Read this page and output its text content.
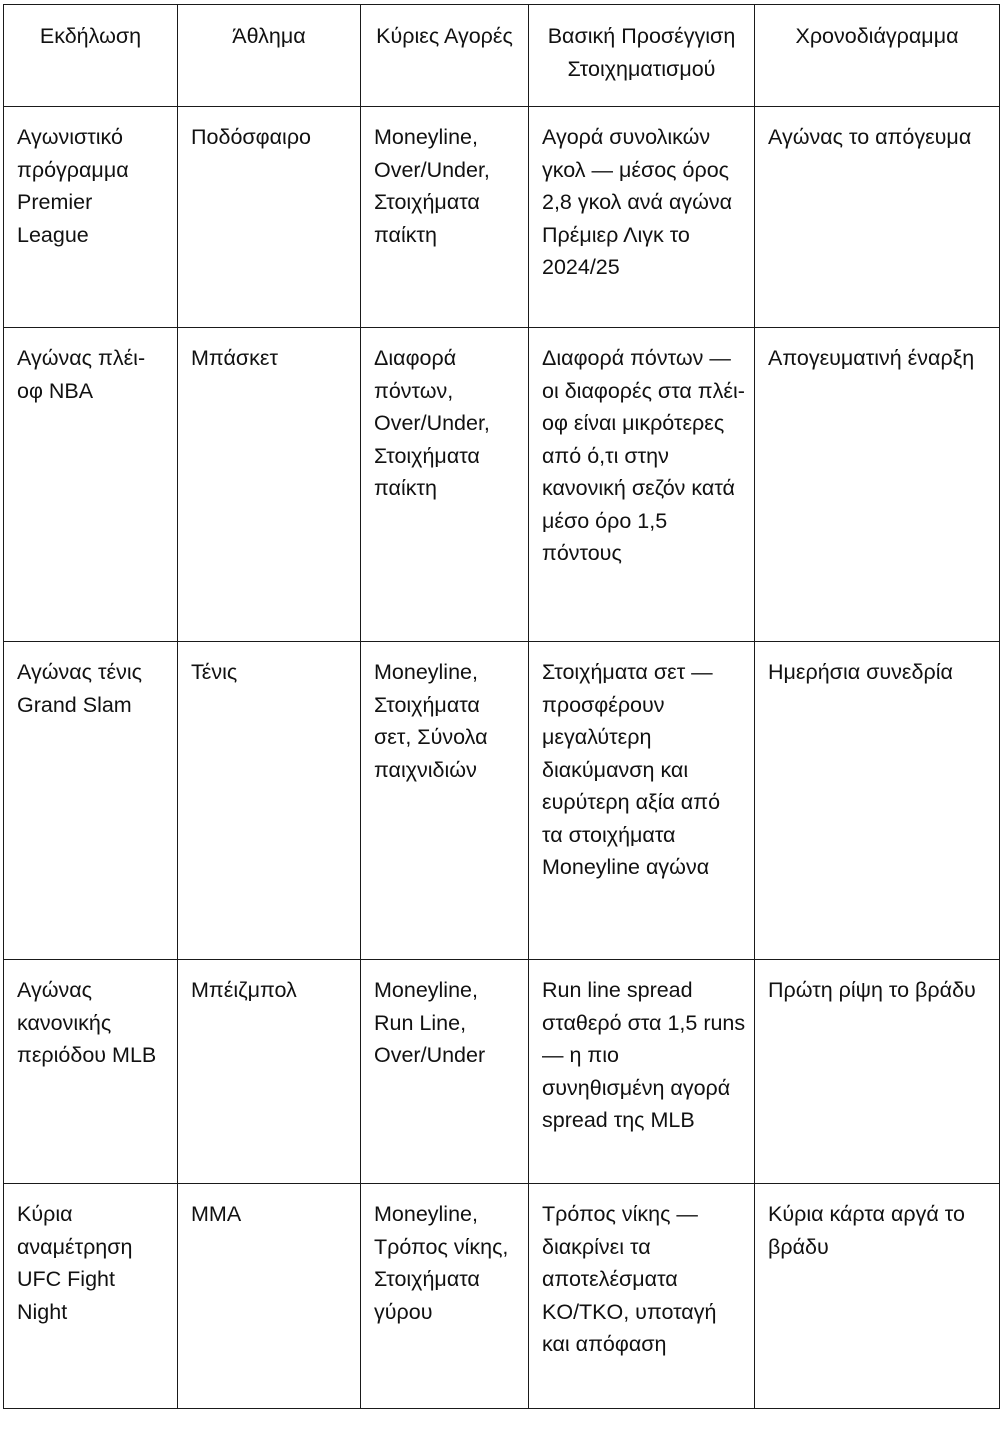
Εκδήλωση	Άθλημα	Κύριες Αγορές	Βασική Προσέγγιση Στοιχηματισμού	Χρονοδιάγραμμα
Αγωνιστικό πρόγραμμα Premier League	Ποδόσφαιρο	Moneyline, Over/Under, Στοιχήματα παίκτη	Αγορά συνολικών γκολ — μέσος όρος 2,8 γκολ ανά αγώνα Πρέμιερ Λιγκ το 2024/25	Αγώνας το απόγευμα
Αγώνας πλέι-οφ NBA	Μπάσκετ	Διαφορά πόντων, Over/Under, Στοιχήματα παίκτη	Διαφορά πόντων — οι διαφορές στα πλέι-οφ είναι μικρότερες από ό,τι στην κανονική σεζόν κατά μέσο όρο 1,5 πόντους	Απογευματινή έναρξη
Αγώνας τένις Grand Slam	Τένις	Moneyline, Στοιχήματα σετ, Σύνολα παιχνιδιών	Στοιχήματα σετ — προσφέρουν μεγαλύτερη διακύμανση και ευρύτερη αξία από τα στοιχήματα Moneyline αγώνα	Ημερήσια συνεδρία
Αγώνας κανονικής περιόδου MLB	Μπέιζμπολ	Moneyline, Run Line, Over/Under	Run line spread σταθερό στα 1,5 runs — η πιο συνηθισμένη αγορά spread της MLB	Πρώτη ρίψη το βράδυ
Κύρια αναμέτρηση UFC Fight Night	MMA	Moneyline, Τρόπος νίκης, Στοιχήματα γύρου	Τρόπος νίκης — διακρίνει τα αποτελέσματα KO/TKO, υποταγή και απόφαση	Κύρια κάρτα αργά το βράδυ
